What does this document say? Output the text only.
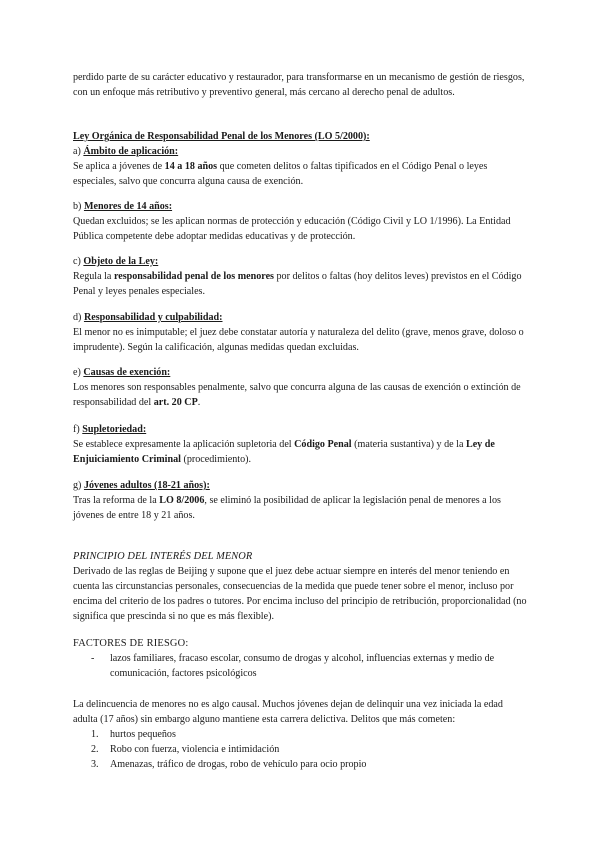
perdido parte de su carácter educativo y restaurador, para transformarse en un mecanismo de gestión de riesgos, con un enfoque más retributivo y preventivo general, más cercano al derecho penal de adultos.

Ley Orgánica de Responsabilidad Penal de los Menores (LO 5/2000):

a) Ámbito de aplicación:

Se aplica a jóvenes de 14 a 18 años que cometen delitos o faltas tipificados en el Código Penal o leyes especiales, salvo que concurra alguna causa de exención.

b) Menores de 14 años:

Quedan excluidos; se les aplican normas de protección y educación (Código Civil y LO 1/1996). La Entidad Pública competente debe adoptar medidas educativas y de protección.

c) Objeto de la Ley:

Regula la responsabilidad penal de los menores por delitos o faltas (hoy delitos leves) previstos en el Código Penal y leyes penales especiales.

d) Responsabilidad y culpabilidad:

El menor no es inimputable; el juez debe constatar autoría y naturaleza del delito (grave, menos grave, doloso o imprudente). Según la calificación, algunas medidas quedan excluidas.

e) Causas de exención:

Los menores son responsables penalmente, salvo que concurra alguna de las causas de exención o extinción de responsabilidad del art. 20 CP.

f) Supletoriedad:

Se establece expresamente la aplicación supletoria del Código Penal (materia sustantiva) y de la Ley de Enjuiciamiento Criminal (procedimiento).

g) Jóvenes adultos (18-21 años):

Tras la reforma de la LO 8/2006, se eliminó la posibilidad de aplicar la legislación penal de menores a los jóvenes de entre 18 y 21 años.

PRINCIPIO DEL INTERÉS DEL MENOR

Derivado de las reglas de Beijing y supone que el juez debe actuar siempre en interés del menor teniendo en cuenta las circunstancias personales, consecuencias de la medida que puede tener sobre el menor, incluso por encima del criterio de los padres o tutores. Por encima incluso del principio de retribución, proporcionalidad (no significa que prescinda si no que es más flexible).

FACTORES DE RIESGO:

- lazos familiares, fracaso escolar, consumo de drogas y alcohol, influencias externas y medio de comunicación, factores psicológicos

La delincuencia de menores no es algo causal. Muchos jóvenes dejan de delinquir una vez iniciada la edad adulta (17 años) sin embargo alguno mantiene esta carrera delictiva. Delitos que más cometen:

1. hurtos pequeños
2. Robo con fuerza, violencia e intimidación
3. Amenazas, tráfico de drogas, robo de vehículo para ocio propio
